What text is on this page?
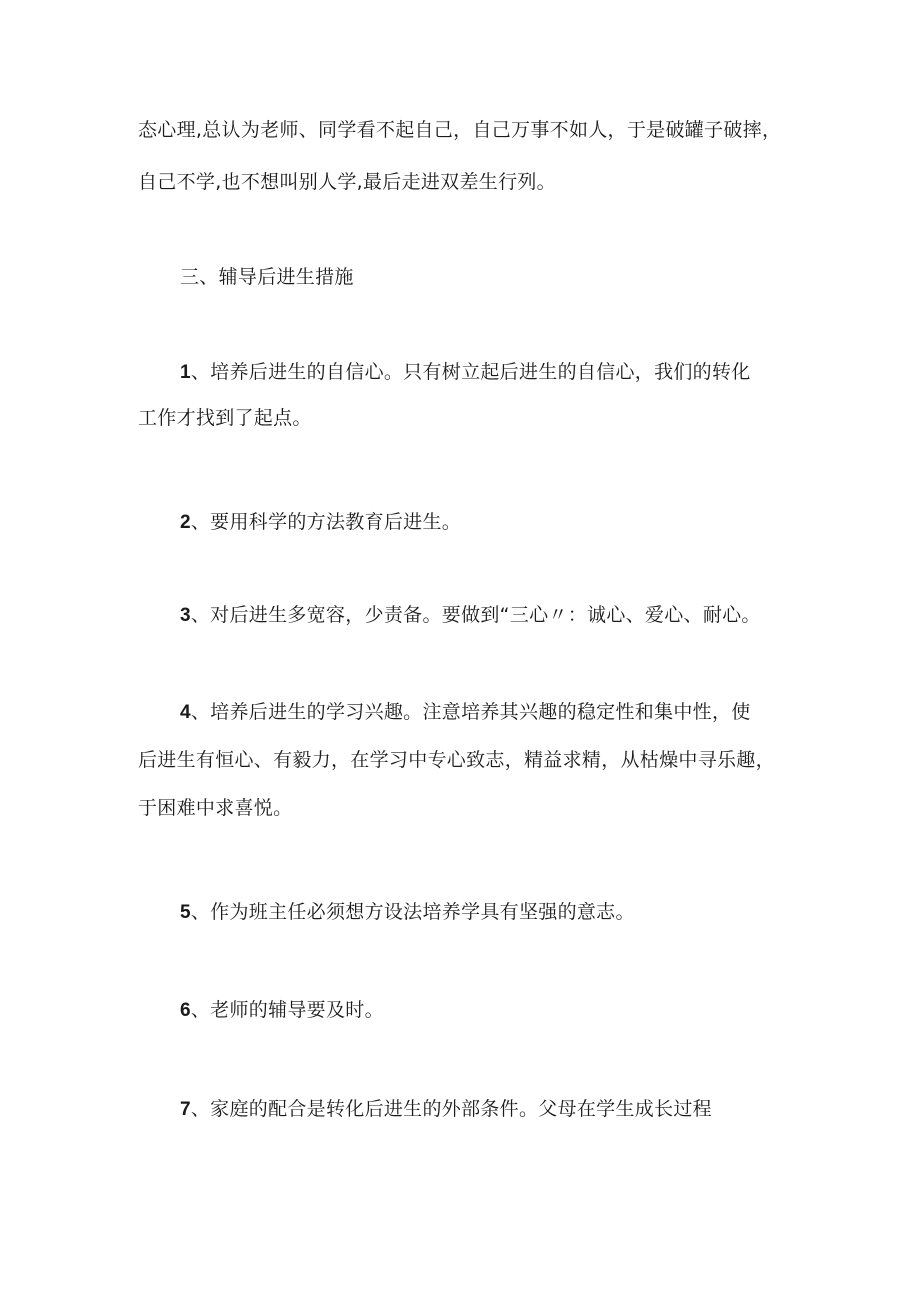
态心理,总认为老师、同学看不起自己，自己万事不如人，于是破罐子破摔，
自己不学,也不想叫别人学,最后走进双差生行列。
三、辅导后进生措施
1、培养后进生的自信心。只有树立起后进生的自信心，我们的转化
工作才找到了起点。
2、要用科学的方法教育后进生。
3、对后进生多宽容，少责备。要做到“三心〃：诚心、爱心、耐心。
4、培养后进生的学习兴趣。注意培养其兴趣的稳定性和集中性，使
后进生有恒心、有毅力，在学习中专心致志，精益求精，从枯燥中寻乐趣，
于困难中求喜悦。
5、作为班主任必须想方设法培养学具有坚强的意志。
6、老师的辅导要及时。
7、家庭的配合是转化后进生的外部条件。父母在学生成长过程
